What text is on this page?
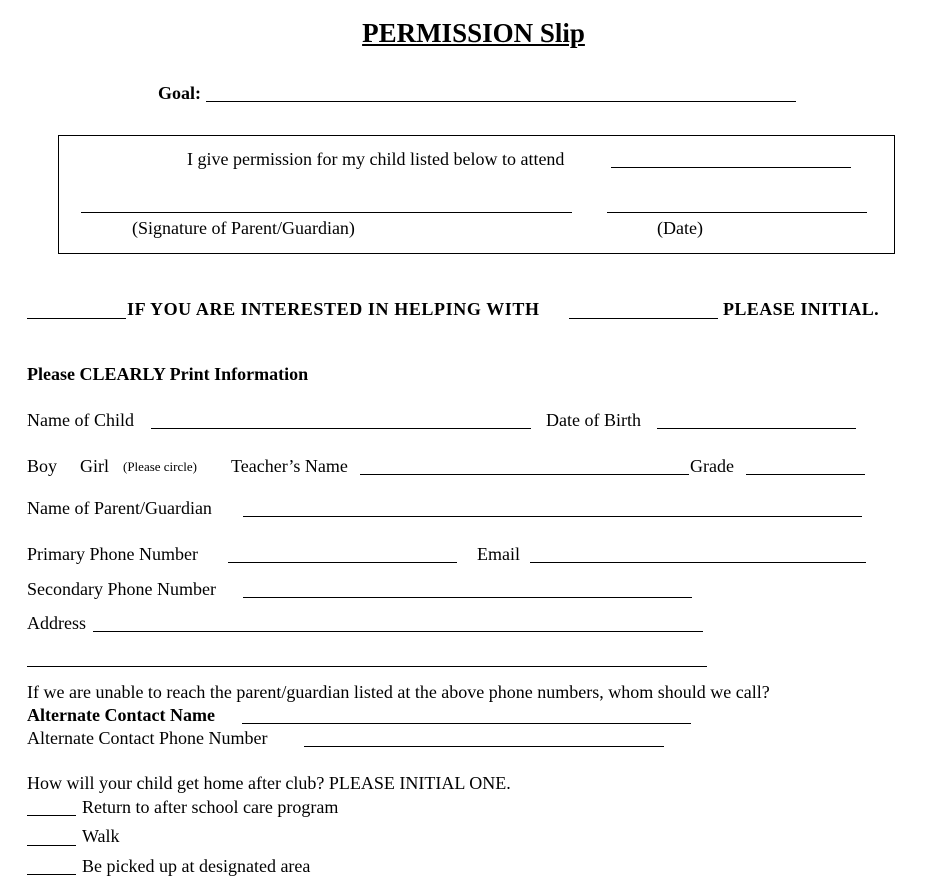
PERMISSION Slip
Goal:
I give permission for my child listed below to attend
(Signature of Parent/Guardian)	(Date)
IF YOU ARE INTERESTED IN HELPING WITH	PLEASE INITIAL.
Please CLEARLY Print Information
Name of Child	Date of Birth
Boy Girl (Please circle) Teacher’s Name	Grade
Name of Parent/Guardian
Primary Phone Number	Email
Secondary Phone Number
Address
If we are unable to reach the parent/guardian listed at the above phone numbers, whom should we call?
Alternate Contact Name
Alternate Contact Phone Number
How will your child get home after club? PLEASE INITIAL ONE.
Return to after school care program
Walk
Be picked up at designated area
